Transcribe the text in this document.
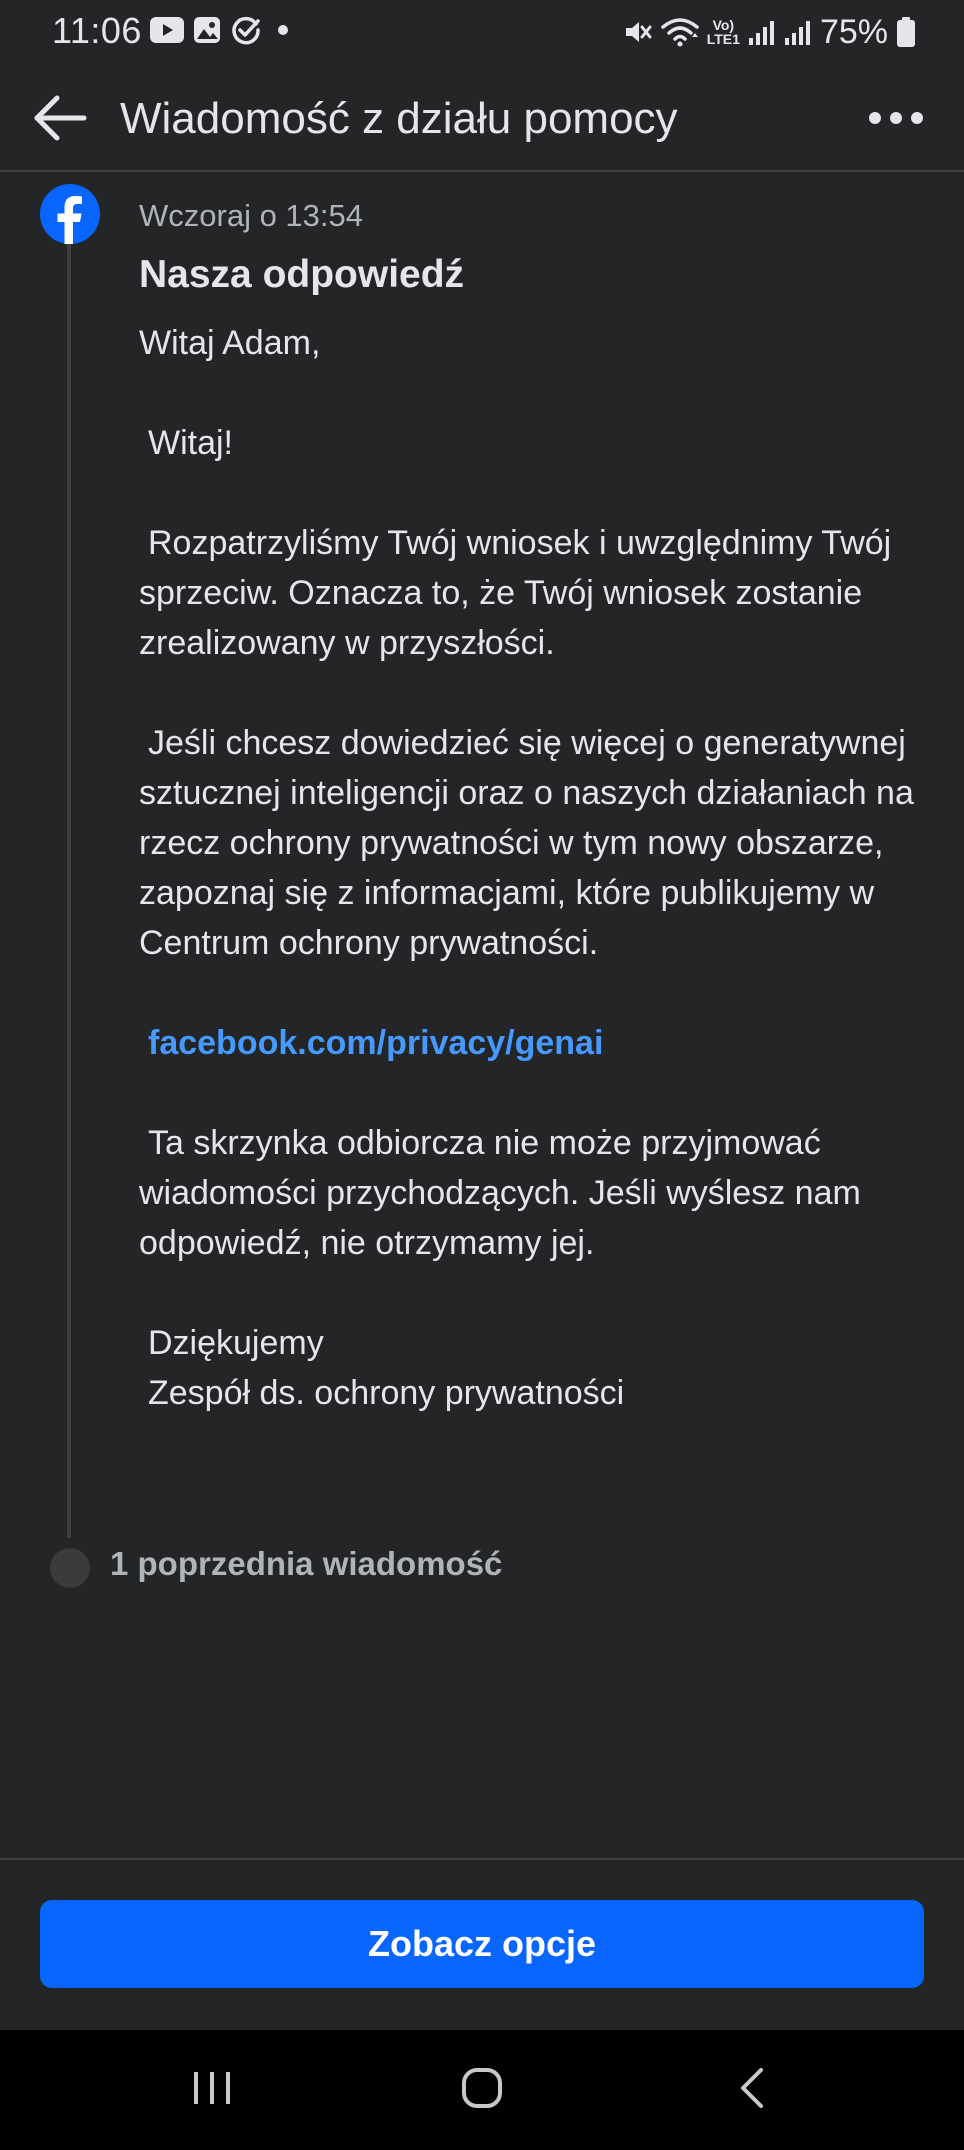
11:06	Vo)
LTE1 75%
Wiadomość z działu pomocy
Wczoraj o 13:54
Nasza odpowiedź

Witaj Adam,

Witaj!

Rozpatrzyliśmy Twój wniosek i uwzględnimy Twój sprzeciw. Oznacza to, że Twój wniosek zostanie zrealizowany w przyszłości.

Jeśli chcesz dowiedzieć się więcej o generatywnej sztucznej inteligencji oraz o naszych działaniach na rzecz ochrony prywatności w tym nowy obszarze, zapoznaj się z informacjami, które publikujemy w Centrum ochrony prywatności.

facebook.com/privacy/genai

Ta skrzynka odbiorcza nie może przyjmować wiadomości przychodzących. Jeśli wyślesz nam odpowiedź, nie otrzymamy jej.

Dziękujemy
Zespół ds. ochrony prywatności

1 poprzednia wiadomość
Zobacz opcje
